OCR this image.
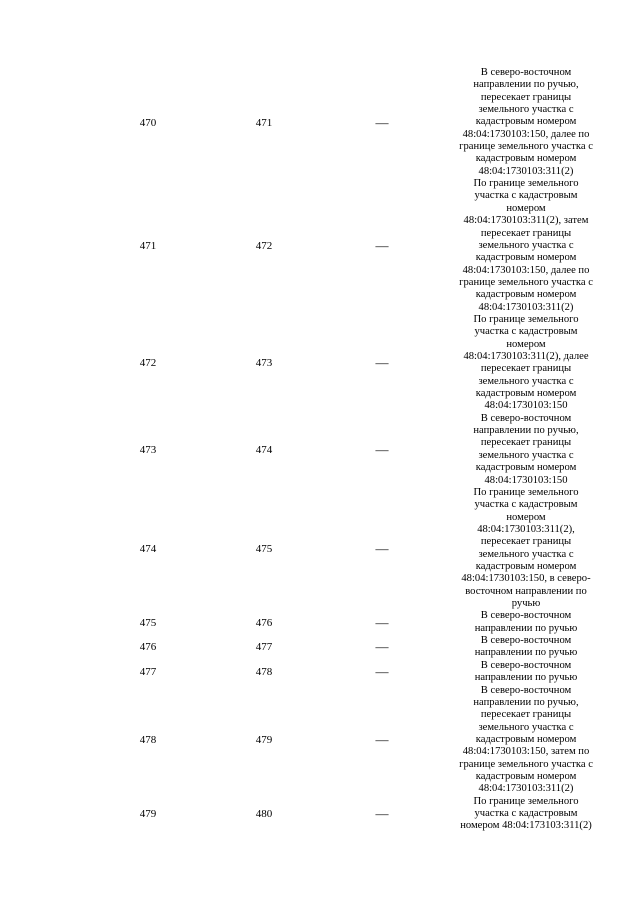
470	471	—
В северо-восточном
направлении по ручью,
пересекает границы
земельного участка с
кадастровым номером
48:04:1730103:150, далее по
границе земельного участка с
кадастровым номером
48:04:1730103:311(2)
471	472	—
По границе земельного
участка с кадастровым
номером
48:04:1730103:311(2), затем
пересекает границы
земельного участка с
кадастровым номером
48:04:1730103:150, далее по
границе земельного участка с
кадастровым номером
48:04:1730103:311(2)
472	473	—
По границе земельного
участка с кадастровым
номером
48:04:1730103:311(2), далее
пересекает границы
земельного участка с
кадастровым номером
48:04:1730103:150
473	474	—
В северо-восточном
направлении по ручью,
пересекает границы
земельного участка с
кадастровым номером
48:04:1730103:150
474	475	—
По границе земельного
участка с кадастровым
номером
48:04:1730103:311(2),
пересекает границы
земельного участка с
кадастровым номером
48:04:1730103:150, в северо-
восточном направлении по
ручью
475	476	—	В северо-восточном
направлении по ручью
476	477	—	В северо-восточном
направлении по ручью
477	478	—	В северо-восточном
направлении по ручью
478	479	—
В северо-восточном
направлении по ручью,
пересекает границы
земельного участка с
кадастровым номером
48:04:1730103:150, затем по
границе земельного участка с
кадастровым номером
48:04:1730103:311(2)
479	480	—
По границе земельного
участка с кадастровым
номером 48:04:173103:311(2)
